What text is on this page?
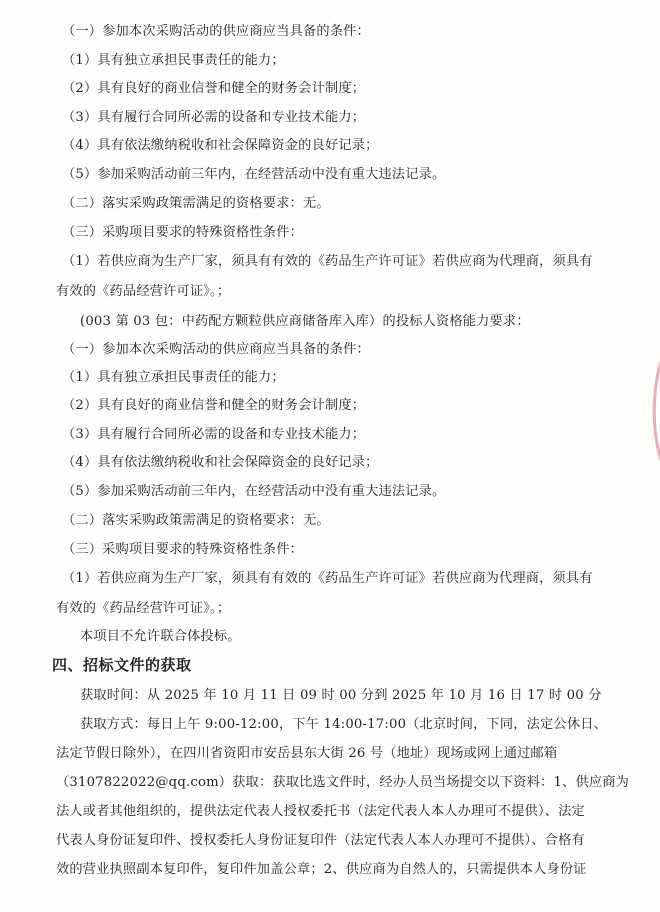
（一）参加本次采购活动的供应商应当具备的条件：
（1）具有独立承担民事责任的能力；
（2）具有良好的商业信誉和健全的财务会计制度；
（3）具有履行合同所必需的设备和专业技术能力；
（4）具有依法缴纳税收和社会保障资金的良好记录；
（5）参加采购活动前三年内，在经营活动中没有重大违法记录。
（二）落实采购政策需满足的资格要求：无。
（三）采购项目要求的特殊资格性条件：
（1）若供应商为生产厂家，须具有有效的《药品生产许可证》若供应商为代理商，须具有
有效的《药品经营许可证》。；
(003 第 03 包：中药配方颗粒供应商储备库入库）的投标人资格能力要求：
（一）参加本次采购活动的供应商应当具备的条件：
（1）具有独立承担民事责任的能力；
（2）具有良好的商业信誉和健全的财务会计制度；
（3）具有履行合同所必需的设备和专业技术能力；
（4）具有依法缴纳税收和社会保障资金的良好记录；
（5）参加采购活动前三年内，在经营活动中没有重大违法记录。
（二）落实采购政策需满足的资格要求：无。
（三）采购项目要求的特殊资格性条件：
（1）若供应商为生产厂家，须具有有效的《药品生产许可证》若供应商为代理商，须具有
有效的《药品经营许可证》。；
本项目不允许联合体投标。
四、招标文件的获取
获取时间：从 2025 年 10 月 11 日 09 时 00 分到 2025 年 10 月 16 日 17 时 00 分
获取方式：每日上午 9:00-12:00，下午 14:00-17:00（北京时间，下同，法定公休日、
法定节假日除外），在四川省资阳市安岳县东大街 26 号（地址）现场或网上通过邮箱
（3107822022@qq.com）获取：获取比选文件时，经办人员当场提交以下资料：1、供应商为
法人或者其他组织的，提供法定代表人授权委托书（法定代表人本人办理可不提供）、法定
代表人身份证复印件、授权委托人身份证复印件（法定代表人本人办理可不提供）、合格有
效的营业执照副本复印件，复印件加盖公章；2、供应商为自然人的，只需提供本人身份证
